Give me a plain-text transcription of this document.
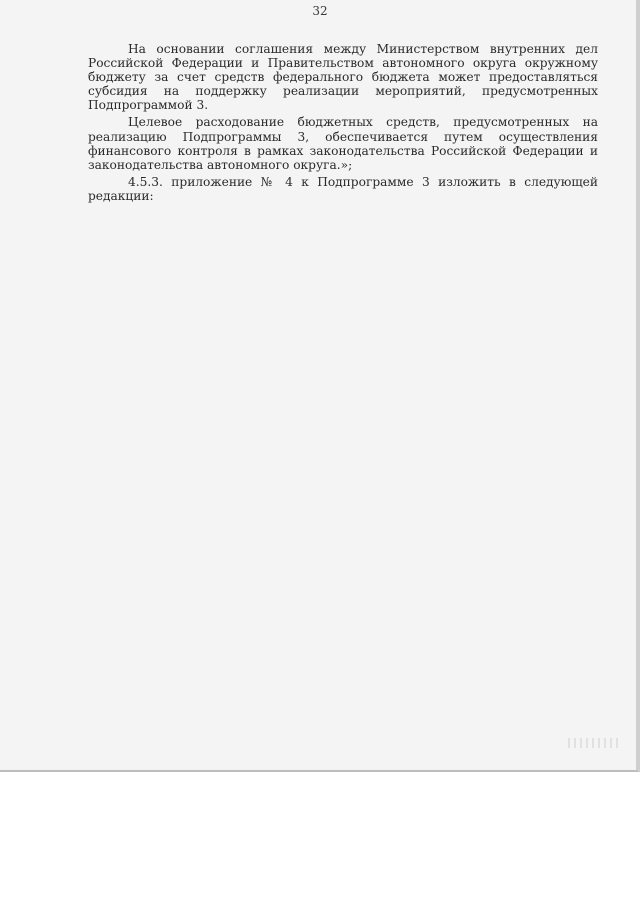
32

На основании соглашения между Министерством внутренних дел
Российской Федерации и Правительством автономного округа окружному
бюджету за счет средств федерального бюджета может предоставляться
субсидия на поддержку реализации мероприятий, предусмотренных
Подпрограммой 3.

Целевое расходование бюджетных средств, предусмотренных на
реализацию Подпрограммы 3, обеспечивается путем осуществления
финансового контроля в рамках законодательства Российской Федерации и
законодательства автономного округа.»;

4.5.3. приложение № 4 к Подпрограмме 3 изложить в следующей
редакции:
